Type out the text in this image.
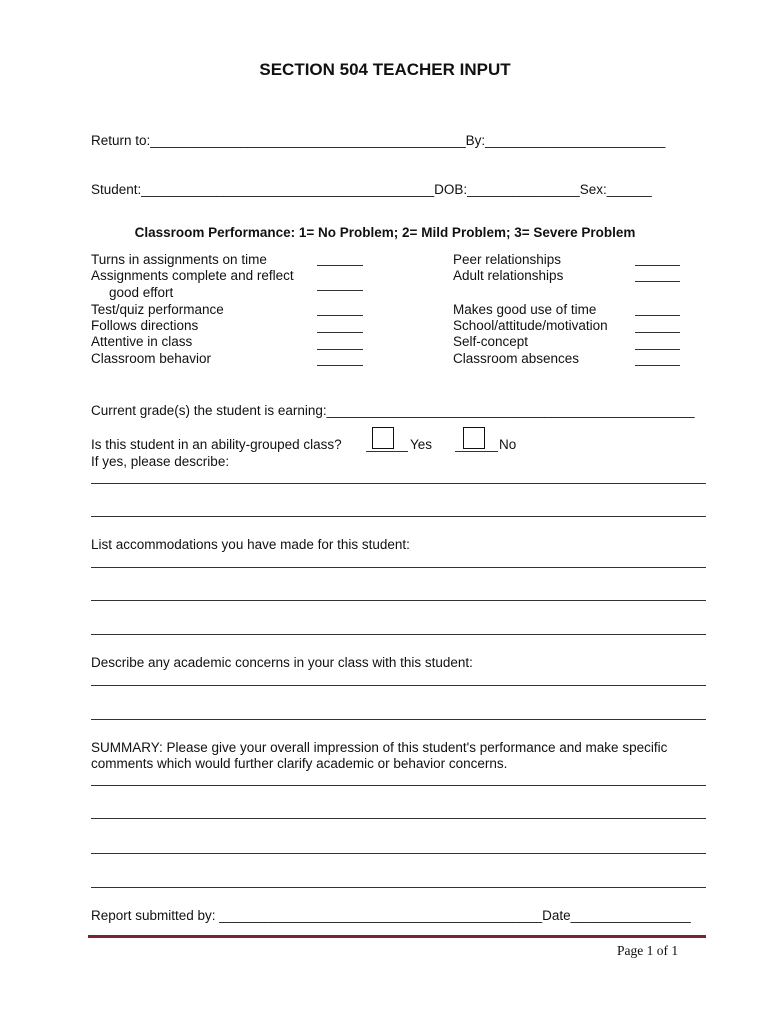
SECTION 504 TEACHER INPUT
Return to:__________________________________________By:________________________
Student:_______________________________________DOB:_______________Sex:______
Classroom Performance: 1= No Problem; 2= Mild Problem; 3= Severe Problem
Turns in assignments on time
Assignments complete and reflect
good effort
Test/quiz performance
Follows directions
Attentive in class
Classroom behavior
Peer relationships
Adult relationships
Makes good use of time
School/attitude/motivation
Self-concept
Classroom absences
Current grade(s) the student is earning:_________________________________________________
Is this student in an ability-grouped class?	Yes	No
If yes, please describe:
List accommodations you have made for this student:
Describe any academic concerns in your class with this student:
SUMMARY: Please give your overall impression of this student's performance and make specific
comments which would further clarify academic or behavior concerns.
Report submitted by: ___________________________________________Date________________
Page 1 of 1
